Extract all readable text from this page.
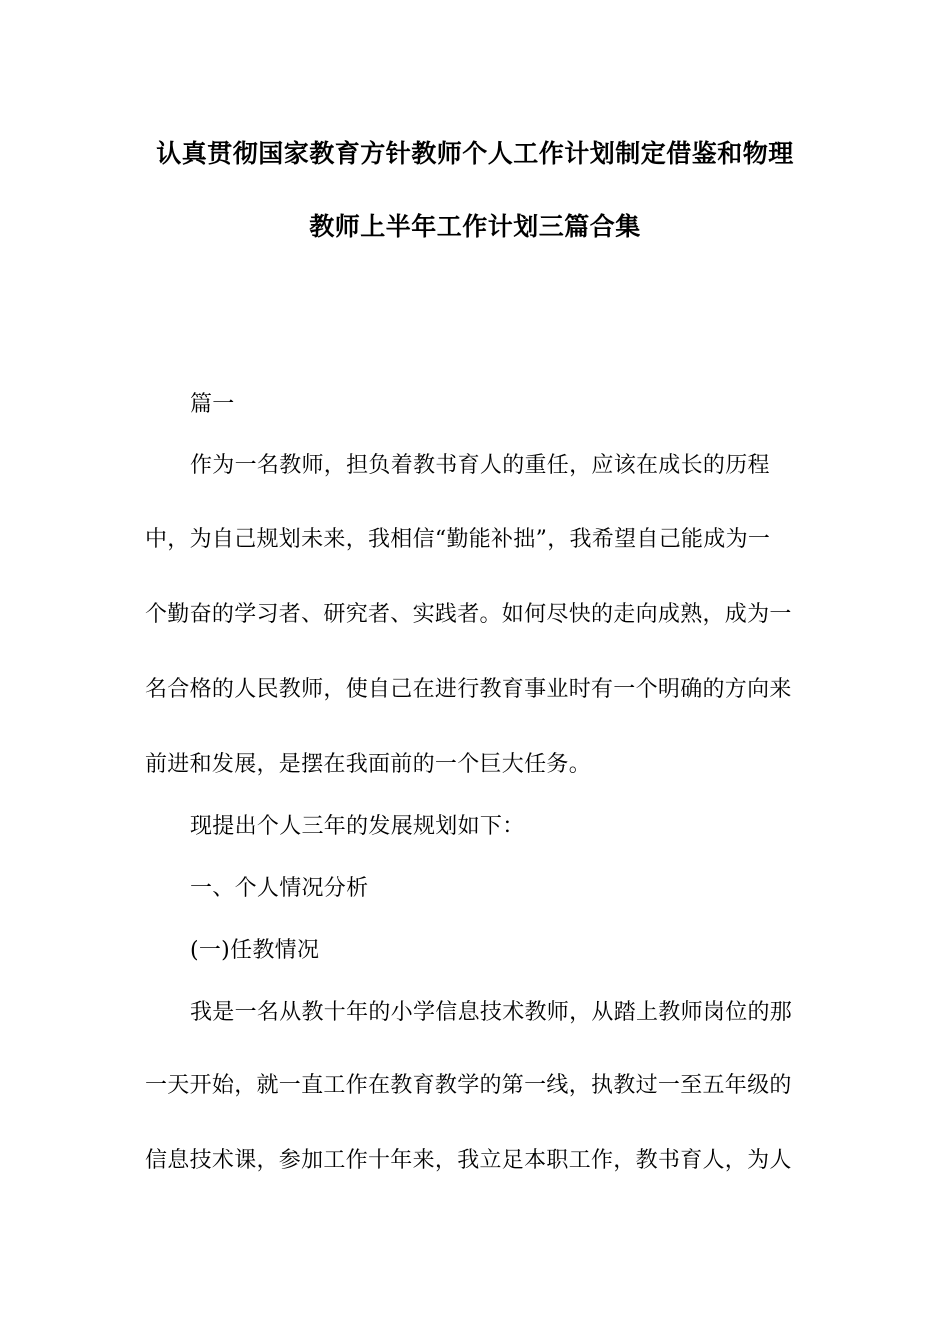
认真贯彻国家教育方针教师个人工作计划制定借鉴和物理
教师上半年工作计划三篇合集
篇一
作为一名教师，担负着教书育人的重任，应该在成长的历程
中，为自己规划未来，我相信“勤能补拙”，我希望自己能成为一
个勤奋的学习者、研究者、实践者。如何尽快的走向成熟，成为一
名合格的人民教师，使自己在进行教育事业时有一个明确的方向来
前进和发展，是摆在我面前的一个巨大任务。
现提出个人三年的发展规划如下：
一、个人情况分析
(一)任教情况
我是一名从教十年的小学信息技术教师，从踏上教师岗位的那
一天开始，就一直工作在教育教学的第一线，执教过一至五年级的
信息技术课，参加工作十年来，我立足本职工作，教书育人，为人
